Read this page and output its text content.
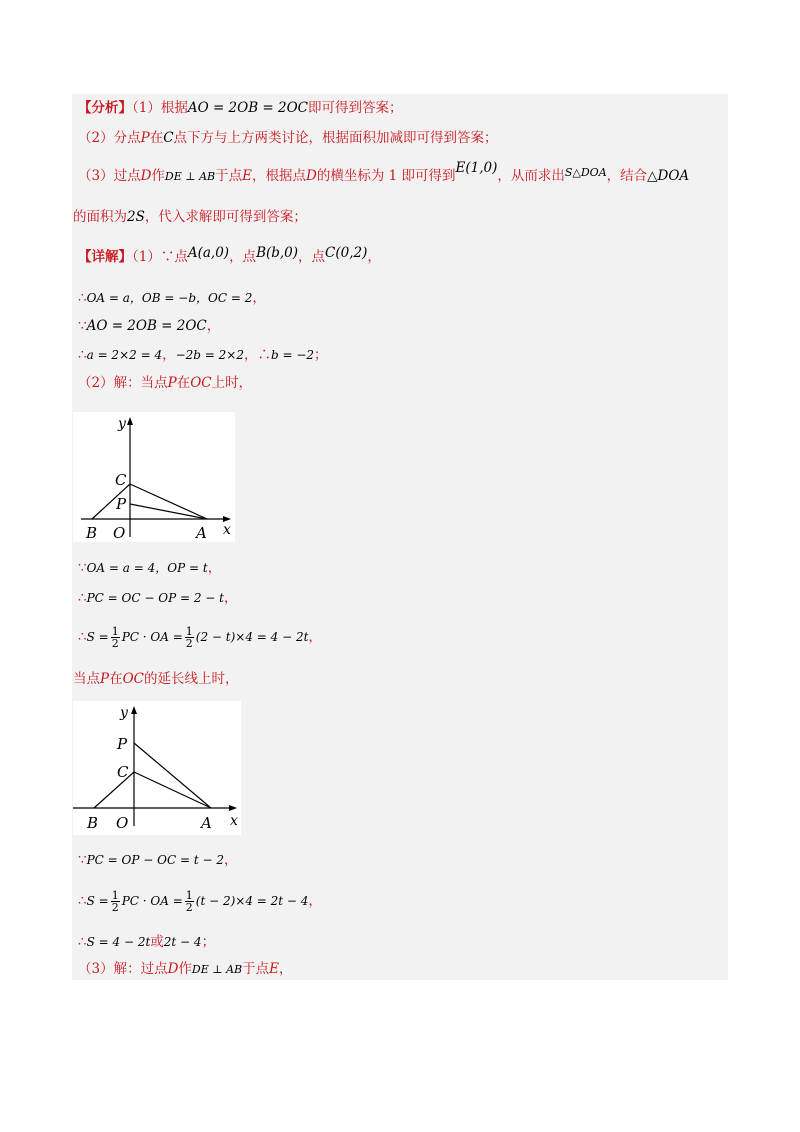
【分析】（1）根据AO = 2OB = 2OC即可得到答案；
（2）分点P在C点下方与上方两类讨论，根据面积加减即可得到答案；
（3）过点D作DE ⊥ AB于点E，根据点D的横坐标为 1 即可得到E(1,0)，从而求出$^{S\triangle DOA}$，结合△DOA
的面积为2S，代入求解即可得到答案；
【详解】（1）∵点A(a,0)，点B(b,0)，点C(0,2)，
∴OA = a，OB = −b，OC = 2，
∵AO = 2OB = 2OC，
∴a = 2×2 = 4，−2b = 2×2，∴b = −2；
（2）解：当点P在OC上时，
y
x
C
P
B O	A
∵OA = a = 4，OP = t，
∴PC = OC − OP = 2 − t，
∴S = $\frac{1}{2}$ PC · OA = $\frac{1}{2} (2 - t)\times 4 = 4 - 2t$，
当点P在OC的延长线上时，
y
x
P
C
B O	A
∵PC = OP − OC = t − 2，
∴S = $\frac{1}{2}$ PC · OA = $\frac{1}{2} (t - 2)\times 4 = 2t - 4$，
∴S = 4 − 2t或2t − 4；
（3）解：过点D作DE ⊥ AB于点E，
